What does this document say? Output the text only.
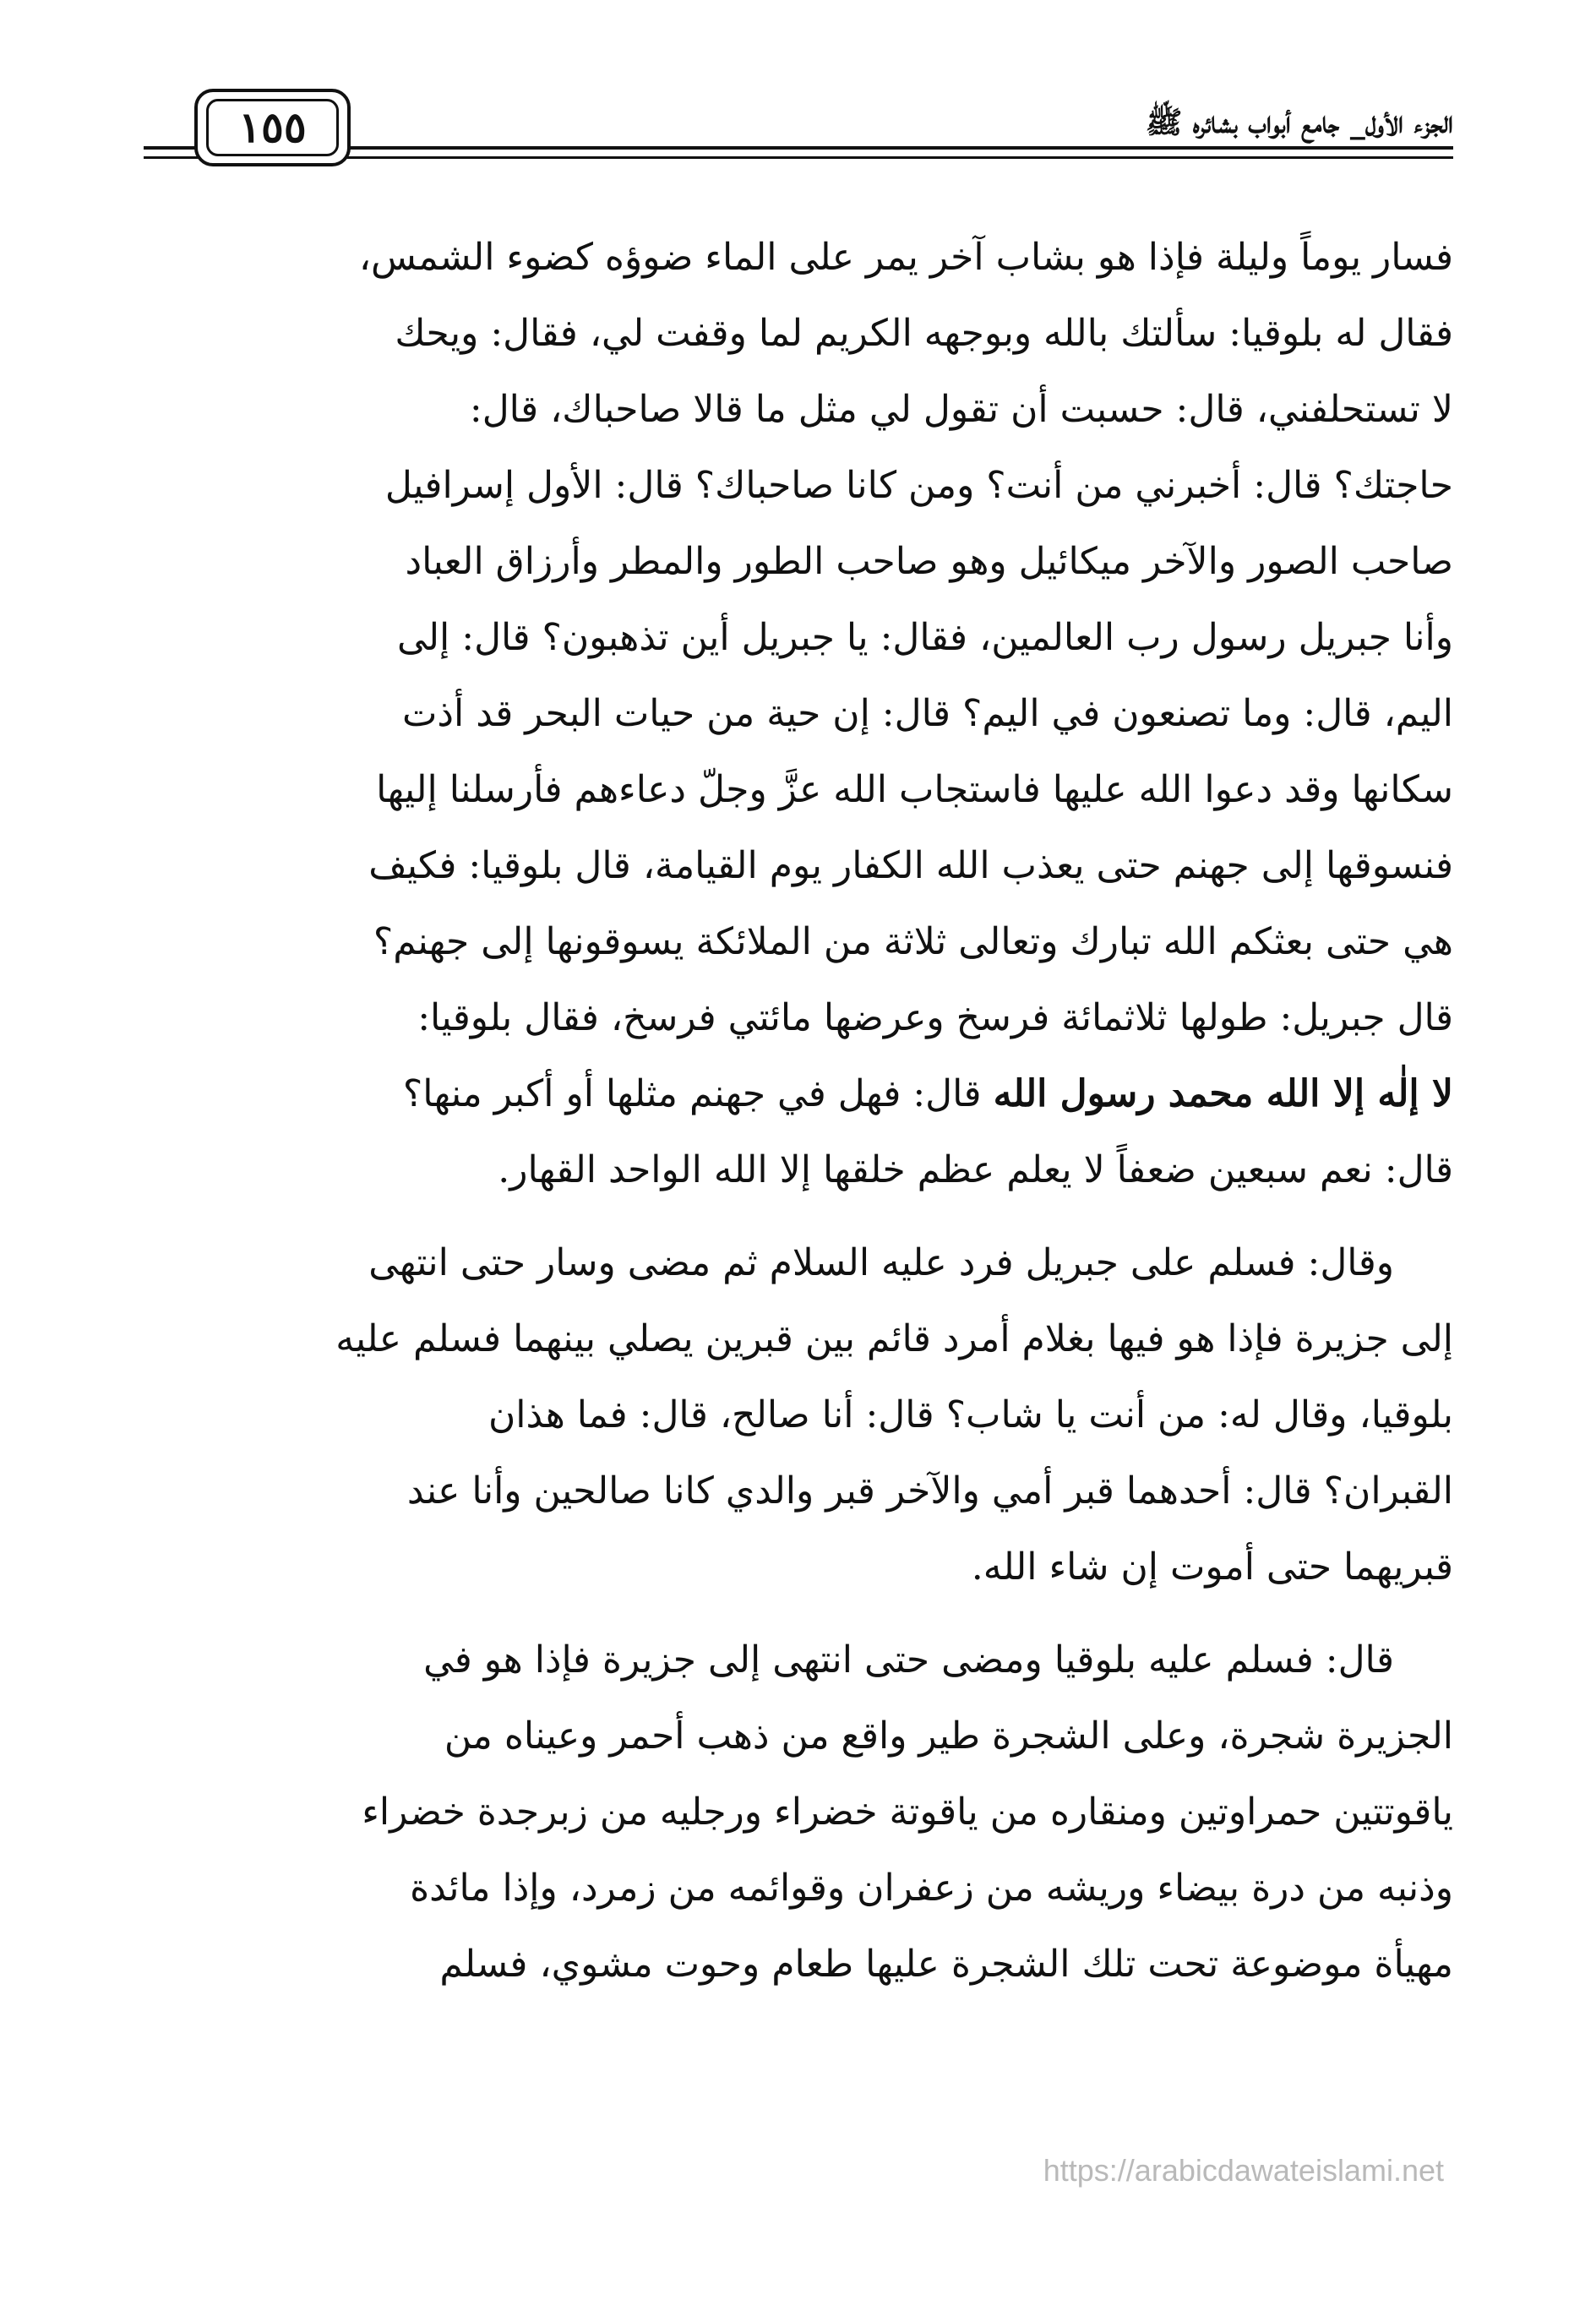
الجزء الأول_ جامع أبواب بشائره ﷺ
١٥٥

فسار يوماً وليلة فإذا هو بشاب آخر يمر على الماء ضوؤه كضوء الشمس،
فقال له بلوقيا: سألتك بالله وبوجهه الكريم لما وقفت لي، فقال: ويحك
لا تستحلفني، قال: حسبت أن تقول لي مثل ما قالا صاحباك، قال:
حاجتك؟ قال: أخبرني من أنت؟ ومن كانا صاحباك؟ قال: الأول إسرافيل
صاحب الصور والآخر ميكائيل وهو صاحب الطور والمطر وأرزاق العباد
وأنا جبريل رسول رب العالمين، فقال: يا جبريل أين تذهبون؟ قال: إلى
اليم، قال: وما تصنعون في اليم؟ قال: إن حية من حيات البحر قد أذت
سكانها وقد دعوا الله عليها فاستجاب الله عزَّ وجلّ دعاءهم فأرسلنا إليها
فنسوقها إلى جهنم حتى يعذب الله الكفار يوم القيامة، قال بلوقيا: فكيف
هي حتى بعثكم الله تبارك وتعالى ثلاثة من الملائكة يسوقونها إلى جهنم؟
قال جبريل: طولها ثلاثمائة فرسخ وعرضها مائتي فرسخ، فقال بلوقيا:
لا إلٰه إلا الله محمد رسول الله قال: فهل في جهنم مثلها أو أكبر منها؟
قال: نعم سبعين ضعفاً لا يعلم عظم خلقها إلا الله الواحد القهار.

وقال: فسلم على جبريل فرد عليه السلام ثم مضى وسار حتى انتهى
إلى جزيرة فإذا هو فيها بغلام أمرد قائم بين قبرين يصلي بينهما فسلم عليه
بلوقيا، وقال له: من أنت يا شاب؟ قال: أنا صالح، قال: فما هذان
القبران؟ قال: أحدهما قبر أمي والآخر قبر والدي كانا صالحين وأنا عند
قبريهما حتى أموت إن شاء الله.

قال: فسلم عليه بلوقيا ومضى حتى انتهى إلى جزيرة فإذا هو في
الجزيرة شجرة، وعلى الشجرة طير واقع من ذهب أحمر وعيناه من
ياقوتتين حمراوتين ومنقاره من ياقوتة خضراء ورجليه من زبرجدة خضراء
وذنبه من درة بيضاء وريشه من زعفران وقوائمه من زمرد، وإذا مائدة
مهيأة موضوعة تحت تلك الشجرة عليها طعام وحوت مشوي، فسلم

https://arabicdawateislami.net
